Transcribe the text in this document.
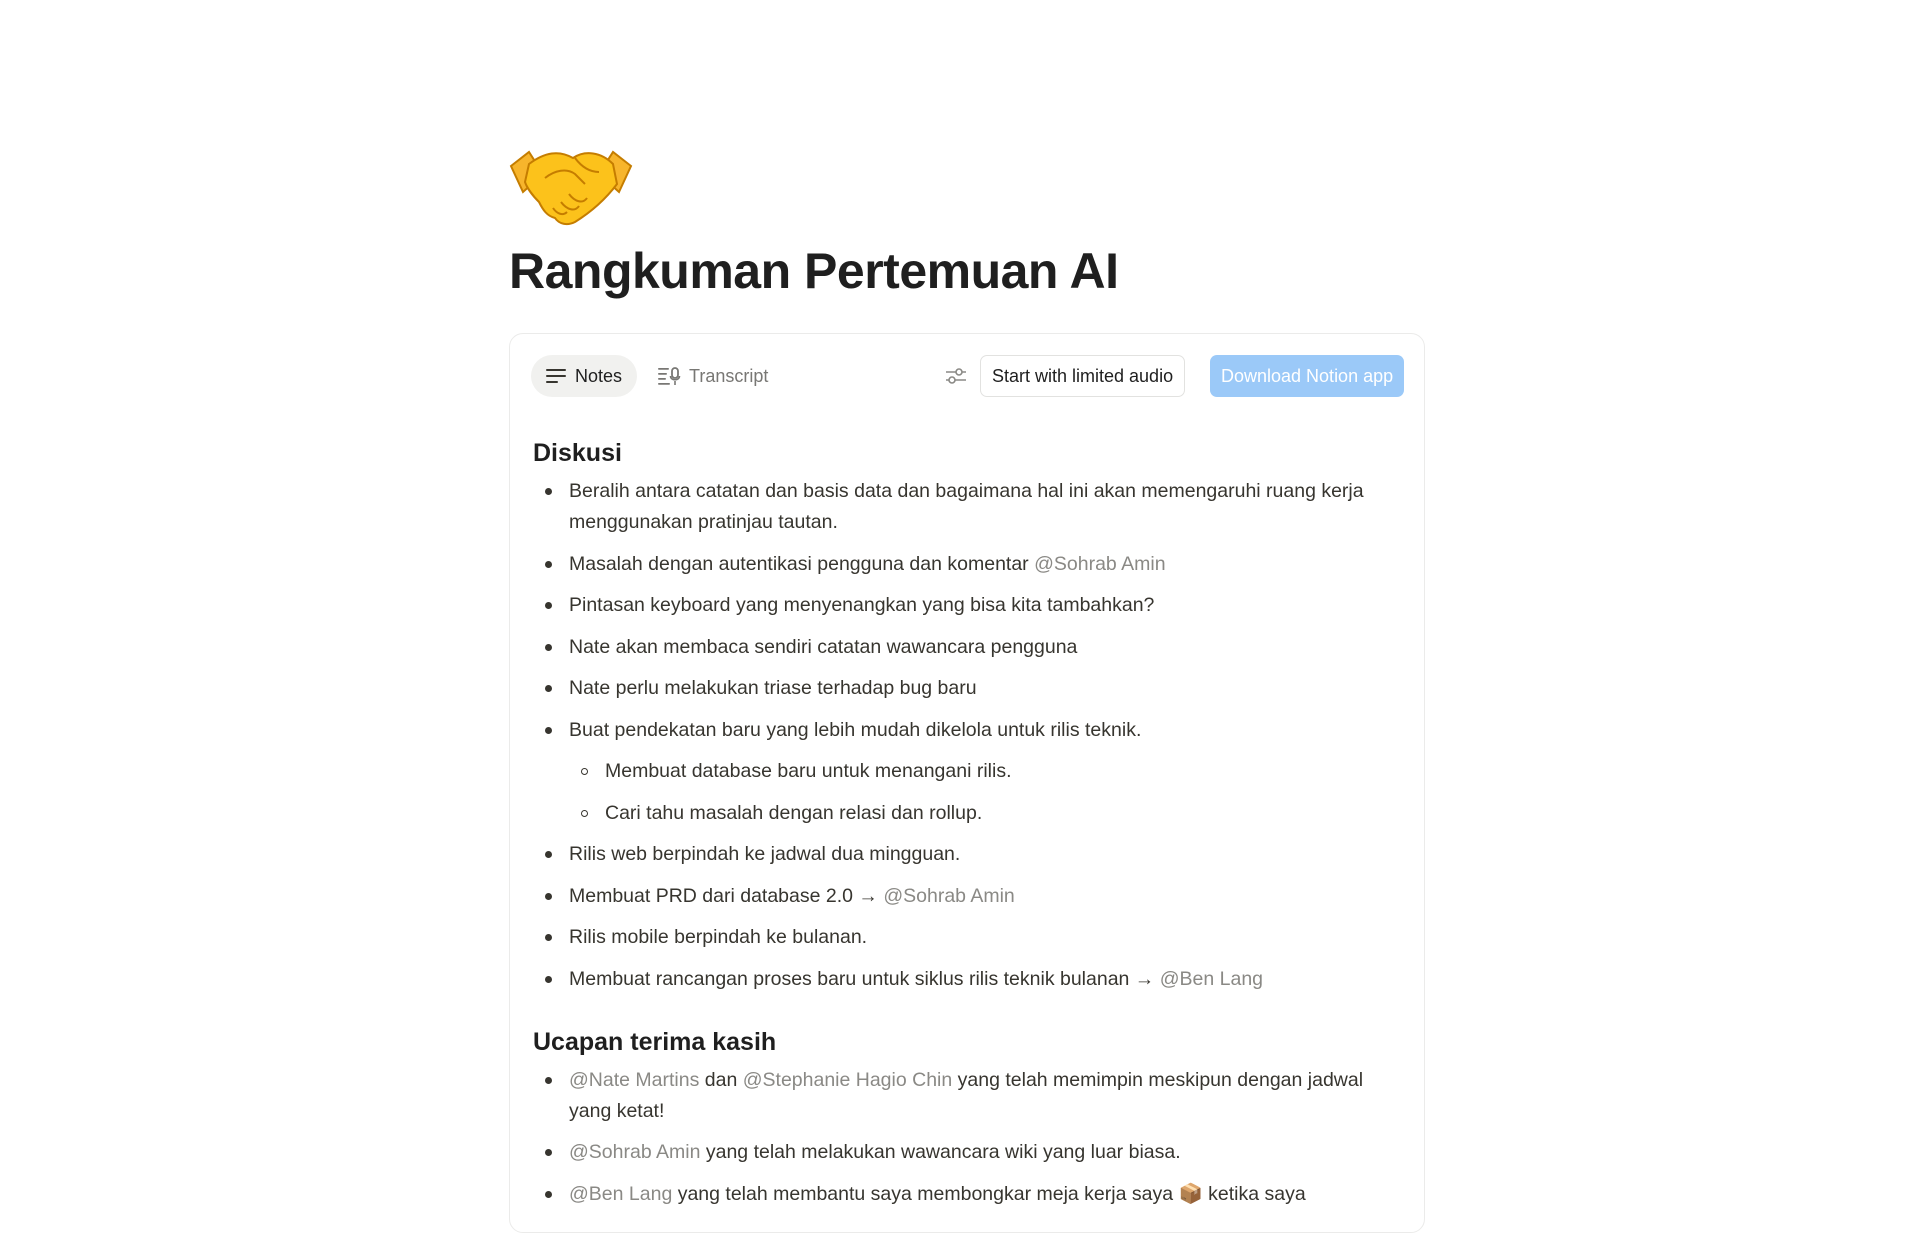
Rangkuman Pertemuan AI
Notes	Transcript	Start with limited audio	Download Notion app
Diskusi
Beralih antara catatan dan basis data dan bagaimana hal ini akan memengaruhi ruang kerja menggunakan pratinjau tautan.
Masalah dengan autentikasi pengguna dan komentar @Sohrab Amin
Pintasan keyboard yang menyenangkan yang bisa kita tambahkan?
Nate akan membaca sendiri catatan wawancara pengguna
Nate perlu melakukan triase terhadap bug baru
Buat pendekatan baru yang lebih mudah dikelola untuk rilis teknik.
Membuat database baru untuk menangani rilis.
Cari tahu masalah dengan relasi dan rollup.
Rilis web berpindah ke jadwal dua mingguan.
Membuat PRD dari database 2.0 → @Sohrab Amin
Rilis mobile berpindah ke bulanan.
Membuat rancangan proses baru untuk siklus rilis teknik bulanan → @Ben Lang
Ucapan terima kasih
@Nate Martins dan @Stephanie Hagio Chin yang telah memimpin meskipun dengan jadwal yang ketat!
@Sohrab Amin yang telah melakukan wawancara wiki yang luar biasa.
@Ben Lang yang telah membantu saya membongkar meja kerja saya 📦 ketika saya
